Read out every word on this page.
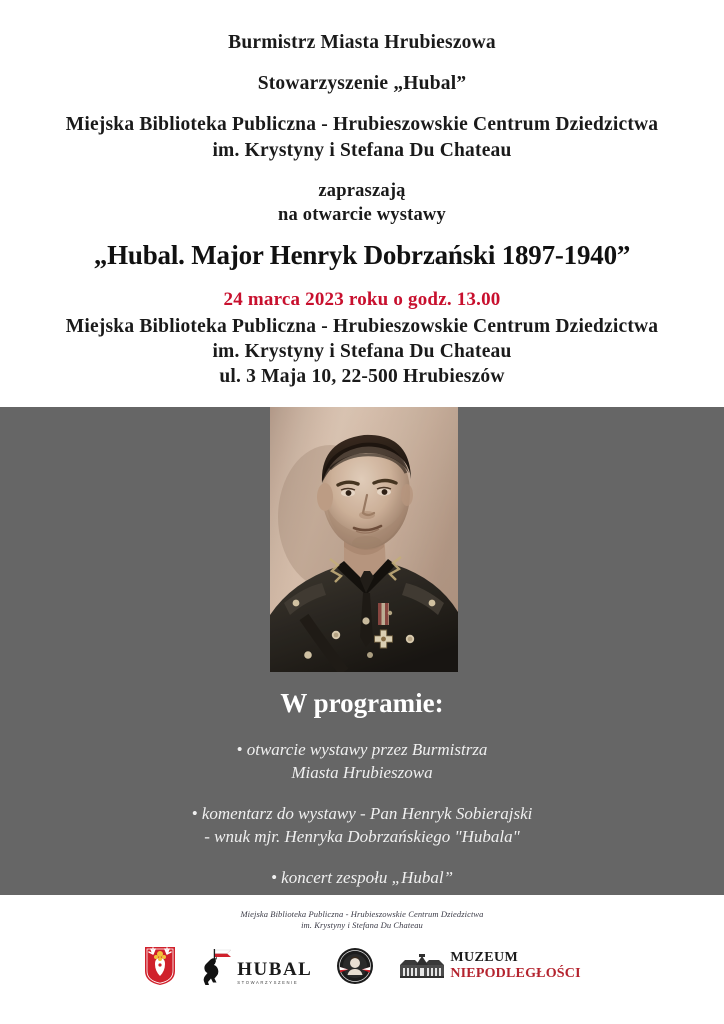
Burmistrz Miasta Hrubieszowa
Stowarzyszenie „Hubal”
Miejska Biblioteka Publiczna - Hrubieszowskie Centrum Dziedzictwa
im. Krystyny i Stefana Du Chateau
zapraszają
na otwarcie wystawy
„Hubal. Major Henryk Dobrzański 1897-1940”
24 marca 2023 roku o godz. 13.00
Miejska Biblioteka Publiczna - Hrubieszowskie Centrum Dziedzictwa
im. Krystyny i Stefana Du Chateau
ul. 3 Maja 10, 22-500 Hrubieszów
W programie:
• otwarcie wystawy przez Burmistrza
Miasta Hrubieszowa
• komentarz do wystawy - Pan Henryk Sobierajski
- wnuk mjr. Henryka Dobrzańskiego "Hubala"
• koncert zespołu „Hubal”
Miejska Biblioteka Publiczna - Hrubieszowskie Centrum Dziedzictwa
im. Krystyny i Stefana Du Chateau
HUBAL
STOWARZYSZENIE
MUZEUM
NIEPODLEGŁOŚCI
